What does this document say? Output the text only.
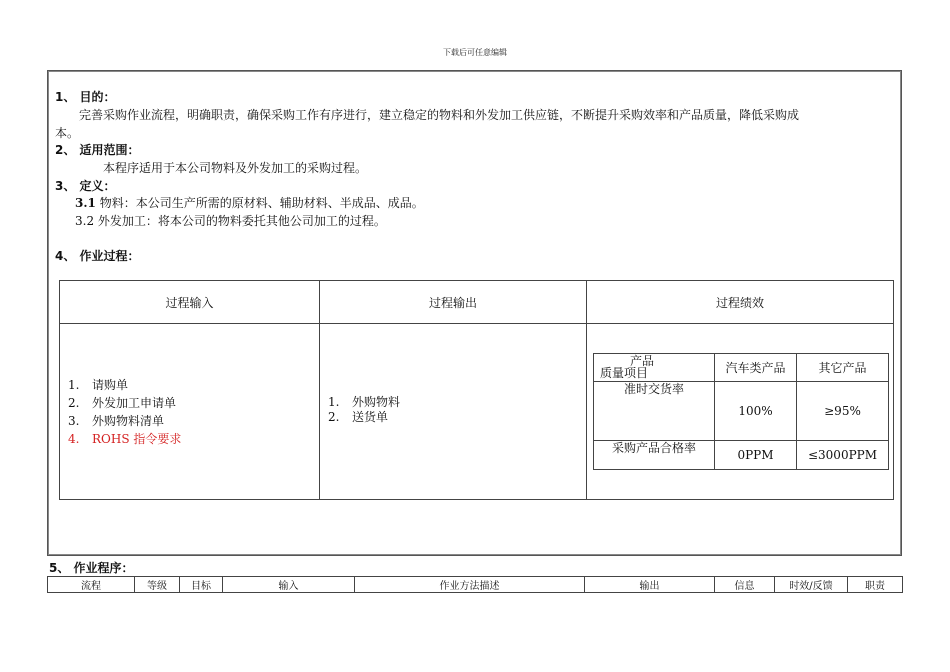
下载后可任意编辑
1、 目的：
完善采购作业流程，明确职责，确保采购工作有序进行，建立稳定的物料和外发加工供应链，不断提升采购效率和产品质量，降低采购成
本。
2、 适用范围：
本程序适用于本公司物料及外发加工的采购过程。
3、 定义：
3.1 物料：本公司生产所需的原材料、辅助材料、半成品、成品。
3.2 外发加工：将本公司的物料委托其他公司加工的过程。
4、 作业过程：
过程输入	过程输出	过程绩效

1. 请购单
2. 外发加工申请单
3. 外购物料清单
4. ROHS 指令要求

1. 外购物料
2. 送货单

产品
质量项目	汽车类产品	其它产品
准时交货率	100%	≥95%
采购产品合格率	0PPM	≤3000PPM
5、 作业程序：
流程	等级	目标	输入	作业方法描述	输出	信息	时效/反馈	职责
